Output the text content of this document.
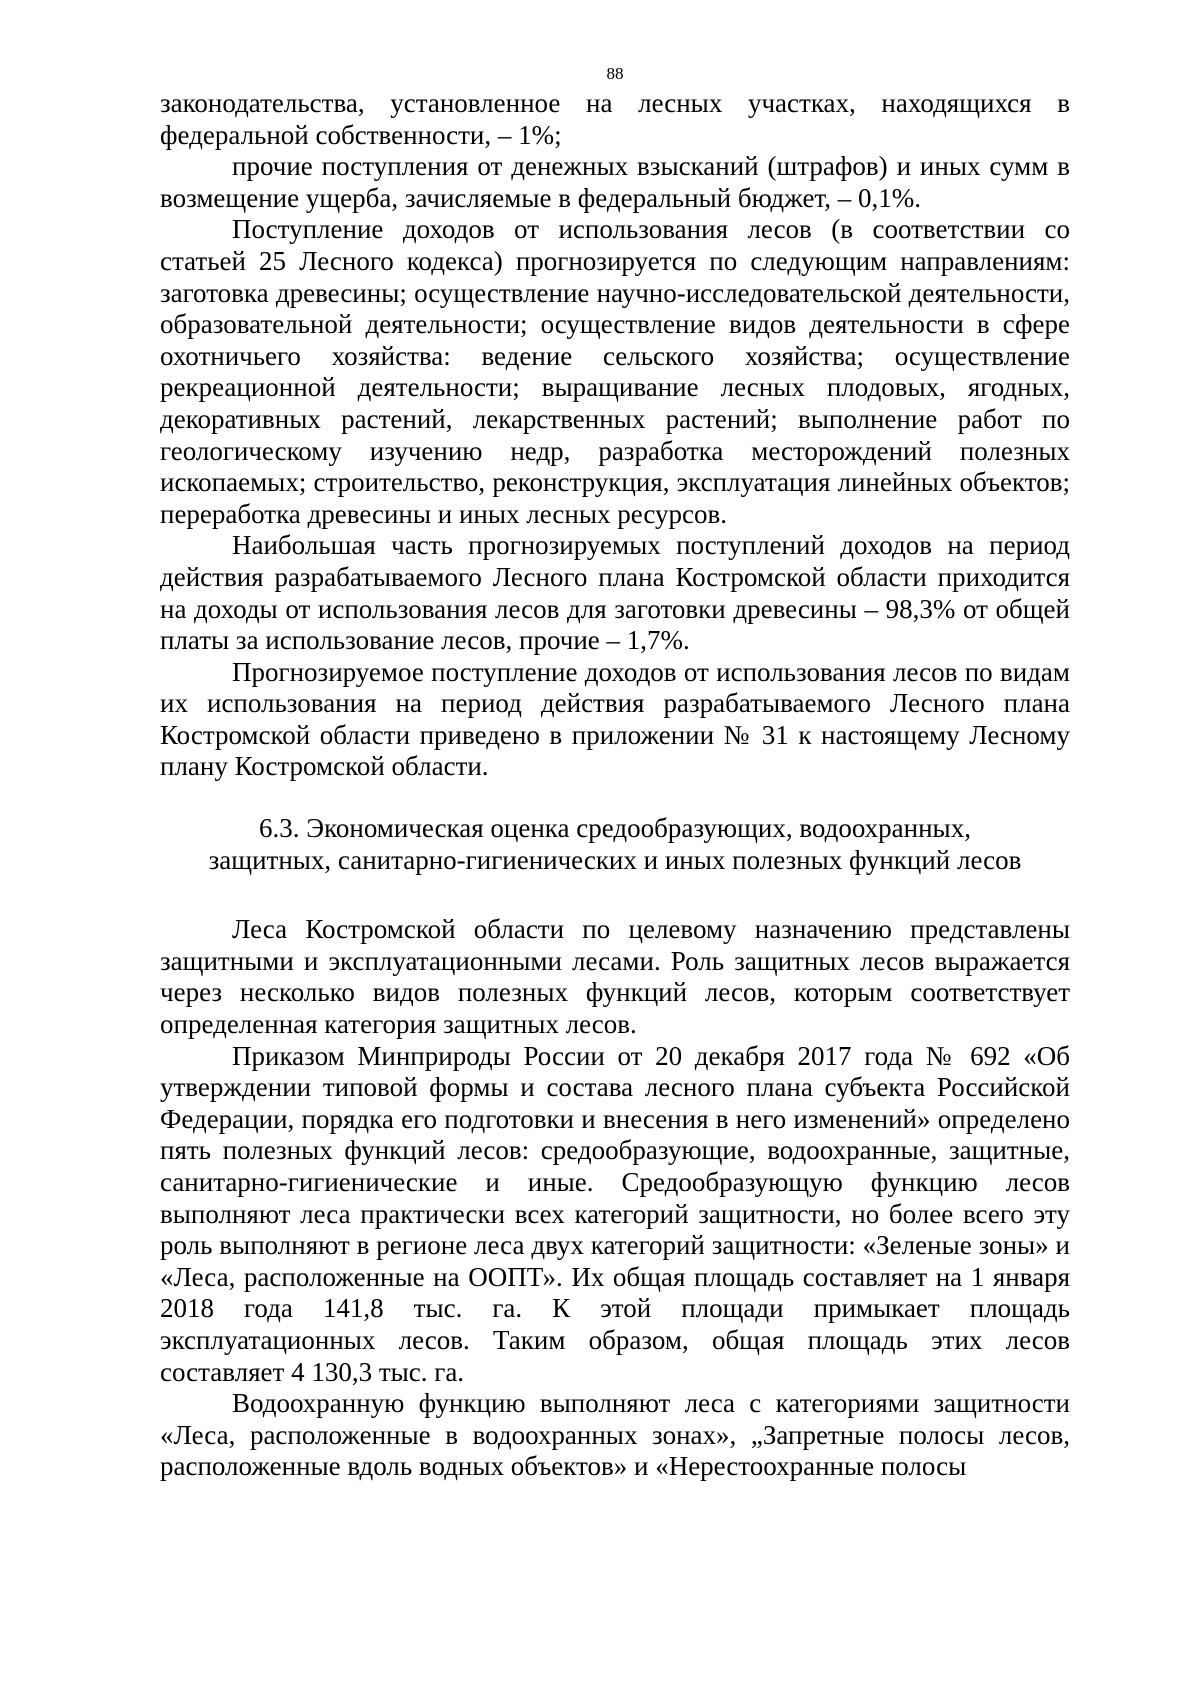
88

законодательства, установленное на лесных участках, находящихся в федеральной собственности, – 1%;

прочие поступления от денежных взысканий (штрафов) и иных сумм в возмещение ущерба, зачисляемые в федеральный бюджет, – 0,1%.

Поступление доходов от использования лесов (в соответствии со статьей 25 Лесного кодекса) прогнозируется по следующим направлениям: заготовка древесины; осуществление научно-исследовательской деятельности, образовательной деятельности; осуществление видов деятельности в сфере охотничьего хозяйства: ведение сельского хозяйства; осуществление рекреационной деятельности; выращивание лесных плодовых, ягодных, декоративных растений, лекарственных растений; выполнение работ по геологическому изучению недр, разработка месторождений полезных ископаемых; строительство, реконструкция, эксплуатация линейных объектов; переработка древесины и иных лесных ресурсов.

Наибольшая часть прогнозируемых поступлений доходов на период действия разрабатываемого Лесного плана Костромской области приходится на доходы от использования лесов для заготовки древесины – 98,3% от общей платы за использование лесов, прочие – 1,7%.

Прогнозируемое поступление доходов от использования лесов по видам их использования на период действия разрабатываемого Лесного плана Костромской области приведено в приложении № 31 к настоящему Лесному плану Костромской области.

6.3. Экономическая оценка средообразующих, водоохранных,
защитных, санитарно-гигиенических и иных полезных функций лесов

Леса Костромской области по целевому назначению представлены защитными и эксплуатационными лесами. Роль защитных лесов выражается через несколько видов полезных функций лесов, которым соответствует определенная категория защитных лесов.

Приказом Минприроды России от 20 декабря 2017 года № 692 «Об утверждении типовой формы и состава лесного плана субъекта Российской Федерации, порядка его подготовки и внесения в него изменений» определено пять полезных функций лесов: средообразующие, водоохранные, защитные, санитарно-гигиенические и иные. Средообразующую функцию лесов выполняют леса практически всех категорий защитности, но более всего эту роль выполняют в регионе леса двух категорий защитности: «Зеленые зоны» и «Леса, расположенные на ООПТ». Их общая площадь составляет на 1 января 2018 года 141,8 тыс. га. К этой площади примыкает площадь эксплуатационных лесов. Таким образом, общая площадь этих лесов составляет 4 130,3 тыс. га.

Водоохранную функцию выполняют леса с категориями защитности «Леса, расположенные в водоохранных зонах», „Запретные полосы лесов, расположенные вдоль водных объектов» и «Нерестоохранные полосы
